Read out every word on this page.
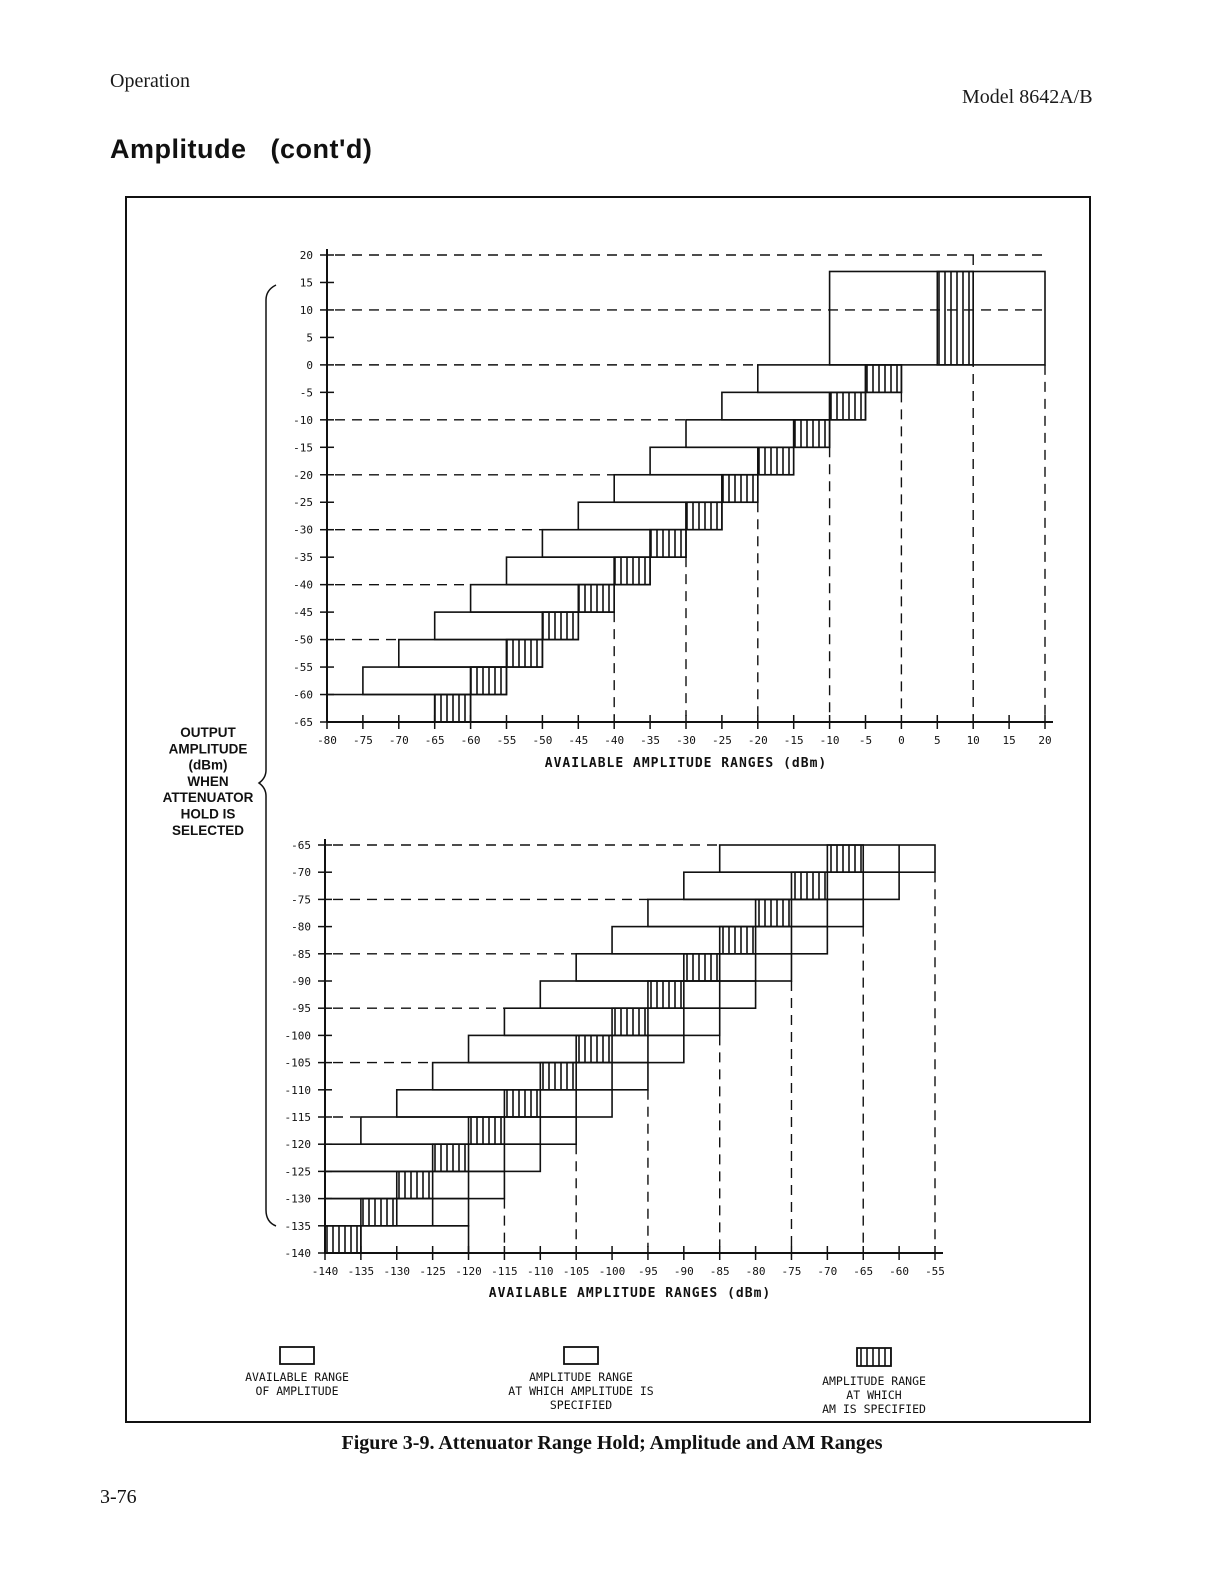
Operation
Model 8642A/B
Amplitude   (cont'd)
20
15
10
5
0
-5
-10
-15
-20
-25
-30
-35
-40
-45
-50
-55
-60
-65
-80 -75 -70 -65 -60 -55 -50 -45 -40 -35 -30 -25 -20 -15 -10 -5 0	5 10 15 20
AVAILABLE AMPLITUDE RANGES (dBm)
-65
-70
-75
-80
-85
-90
-95
-100
-105
-110
-115
-120
-125
-130
-135
-140
-140 -135 -130 -125 -120 -115 -110 -105 -100 -95 -90 -85 -80 -75 -70 -65 -60 -55
AVAILABLE AMPLITUDE RANGES (dBm)
OUTPUT
AMPLITUDE
(dBm)
WHEN
ATTENUATOR
HOLD IS
SELECTED
AVAILABLE RANGE
OF AMPLITUDE
AMPLITUDE RANGE
AT WHICH AMPLITUDE IS
SPECIFIED
AMPLITUDE RANGE
AT WHICH
AM IS SPECIFIED
Figure 3-9. Attenuator Range Hold; Amplitude and AM Ranges
3-76
